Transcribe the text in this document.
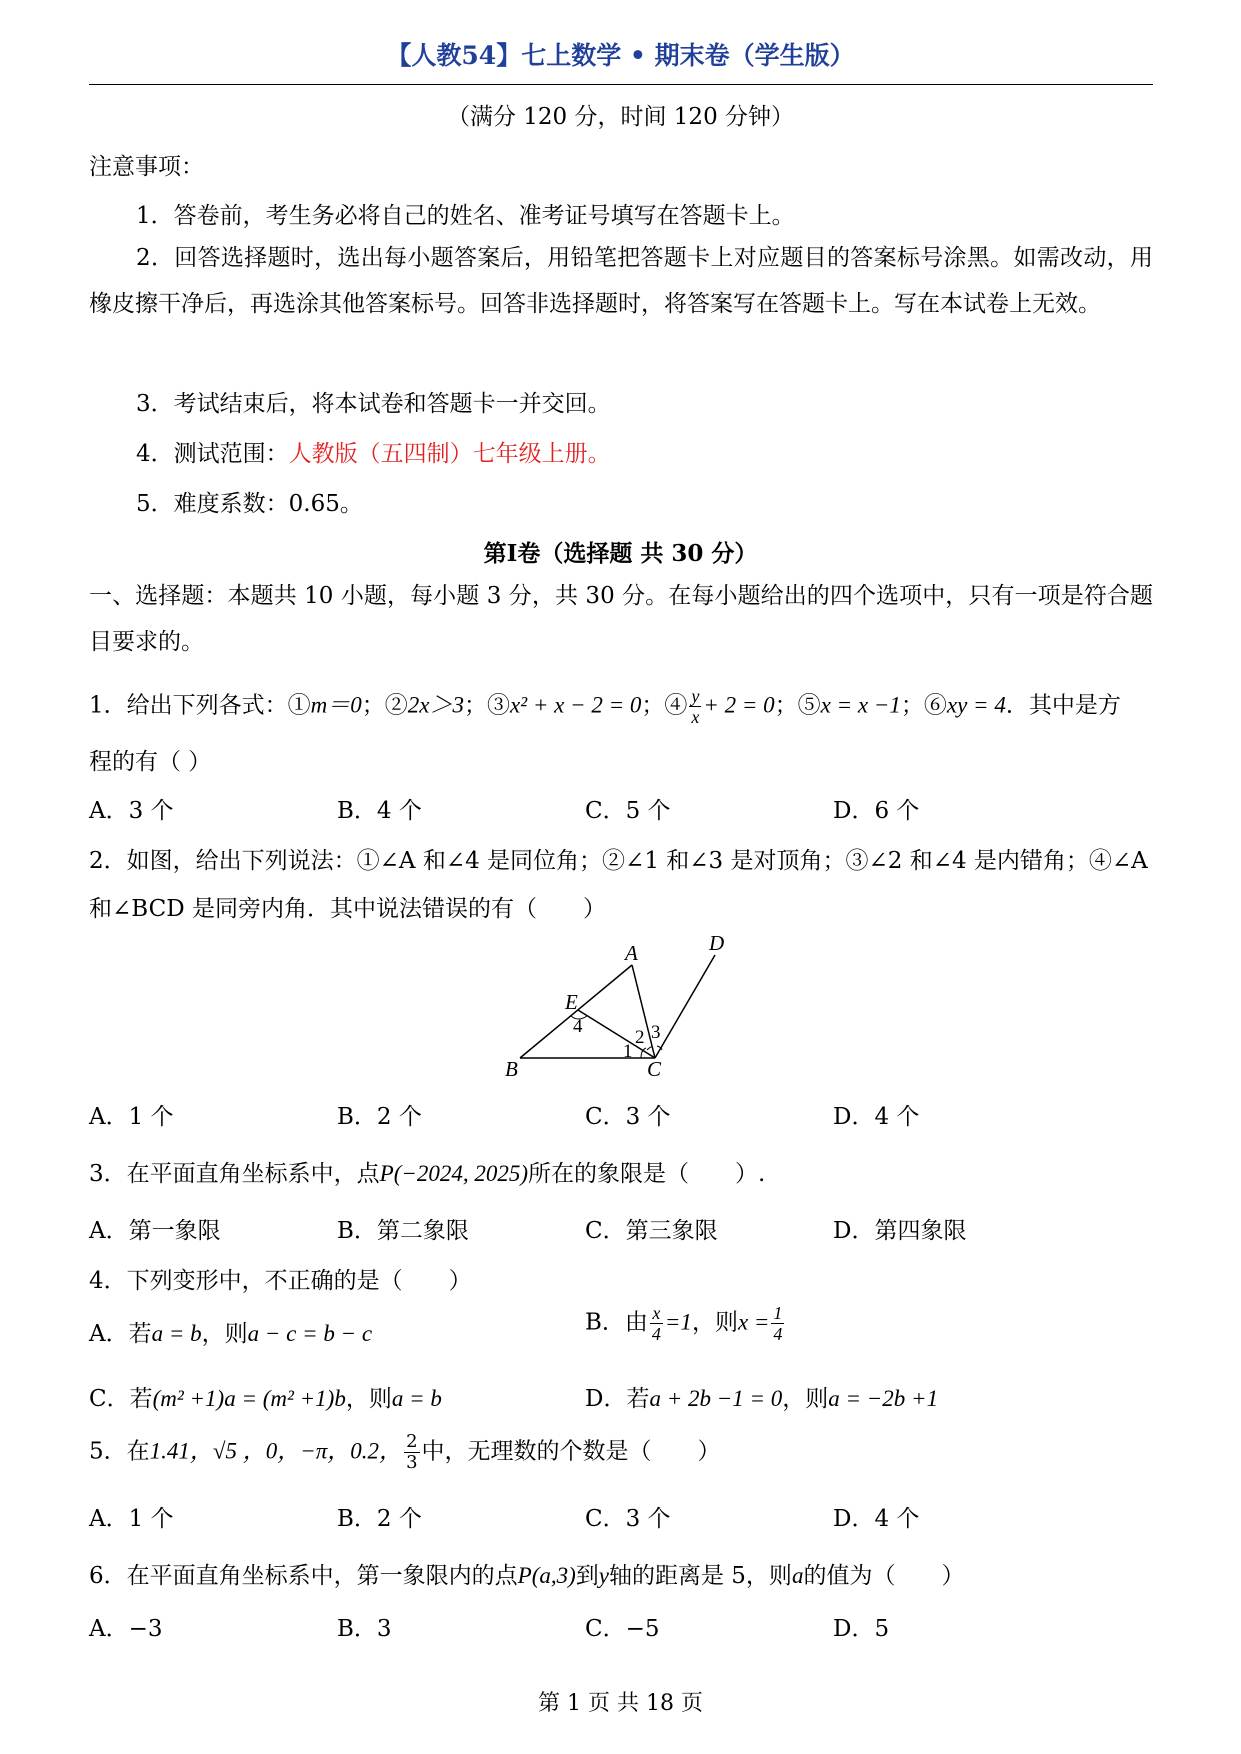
【人教54】七上数学 • 期末卷（学生版）
（满分 120 分，时间 120 分钟）
注意事项：
1．答卷前，考生务必将自己的姓名、准考证号填写在答题卡上。
2．回答选择题时，选出每小题答案后，用铅笔把答题卡上对应题目的答案标号涂黑。如需改动，用橡皮擦干净后，再选涂其他答案标号。回答非选择题时，将答案写在答题卡上。写在本试卷上无效。
3．考试结束后，将本试卷和答题卡一并交回。
4．测试范围：人教版（五四制）七年级上册。
5．难度系数：0.65。
第Ⅰ卷（选择题 共 30 分）
一、选择题：本题共 10 小题，每小题 3 分，共 30 分。在每小题给出的四个选项中，只有一项是符合题目要求的。
1．给出下列各式：①m＝0；②2x＞3；③x² + x − 2 = 0；④ $\frac{y}{x} + 2 = 0$；⑤x = x −1；⑥xy = 4．其中是方
程的有（ ）
A．3 个	B．4 个	C．5 个	D．6 个
2．如图，给出下列说法：①∠A 和∠4 是同位角；②∠1 和∠3 是对顶角；③∠2 和∠4 是内错角；④∠A
和∠BCD 是同旁内角．其中说法错误的有（　　）
A	D
E
4
2 3
1
B	C
A．1 个	B．2 个	C．3 个	D．4 个
3．在平面直角坐标系中，点P(−2024, 2025)所在的象限是（　　）.
A．第一象限	B．第二象限	C．第三象限	D．第四象限
4．下列变形中，不正确的是（　　）
A．若a = b，则a − c = b − c	B．由 $\frac{x}{4} =1$，则$x = \frac{1}{4}$
C．若(m² +1)a = (m² +1)b，则a = b	D．若a + 2b −1 = 0，则a = −2b +1
5．在1.41，√5 ，0，−π，0.2， $\frac{2}{3}$ 中，无理数的个数是（　　）
A．1 个	B．2 个	C．3 个	D．4 个
6．在平面直角坐标系中，第一象限内的点P(a,3)到y轴的距离是 5，则a的值为（　　）
A．−3	B．3	C．−5	D．5
第 1 页 共 18 页
